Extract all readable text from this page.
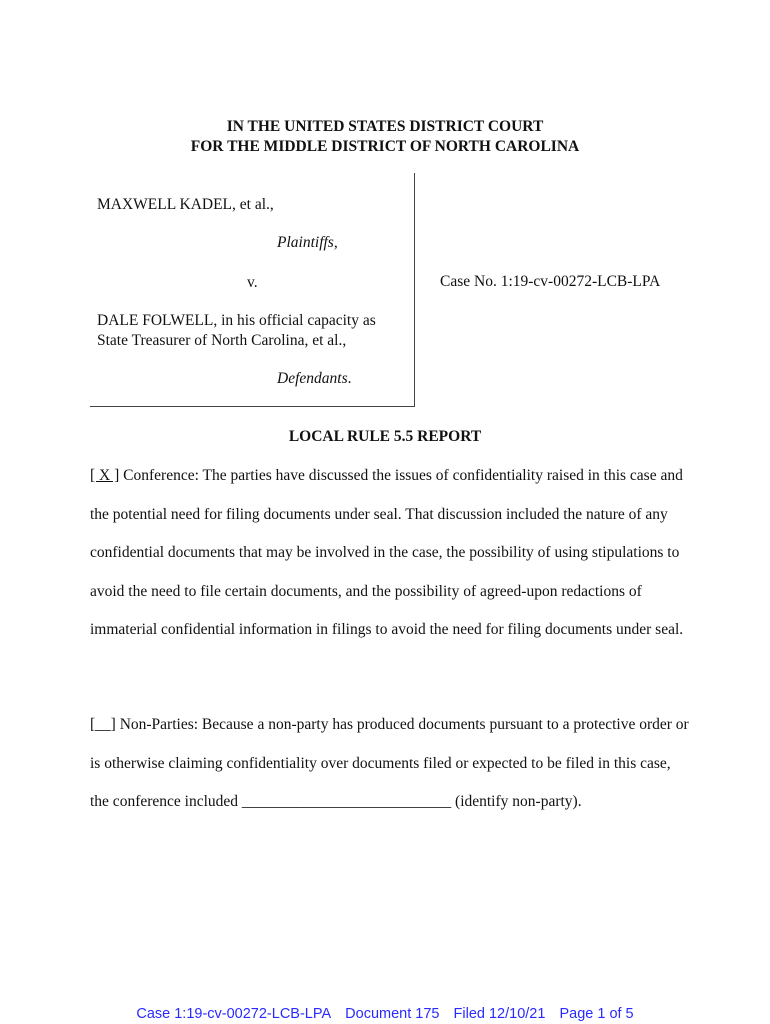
IN THE UNITED STATES DISTRICT COURT
FOR THE MIDDLE DISTRICT OF NORTH CAROLINA
MAXWELL KADEL, et al.,
Plaintiffs,
v.
DALE FOLWELL, in his official capacity as
State Treasurer of North Carolina, et al.,
Defendants.
Case No. 1:19-cv-00272-LCB-LPA
LOCAL RULE 5.5 REPORT
[ X ] Conference: The parties have discussed the issues of confidentiality raised in this case and the potential need for filing documents under seal. That discussion included the nature of any confidential documents that may be involved in the case, the possibility of using stipulations to avoid the need to file certain documents, and the possibility of agreed-upon redactions of immaterial confidential information in filings to avoid the need for filing documents under seal.
[__] Non-Parties: Because a non-party has produced documents pursuant to a protective order or is otherwise claiming confidentiality over documents filed or expected to be filed in this case, the conference included ___________________________ (identify non-party).
Case 1:19-cv-00272-LCB-LPA Document 175 Filed 12/10/21 Page 1 of 5
